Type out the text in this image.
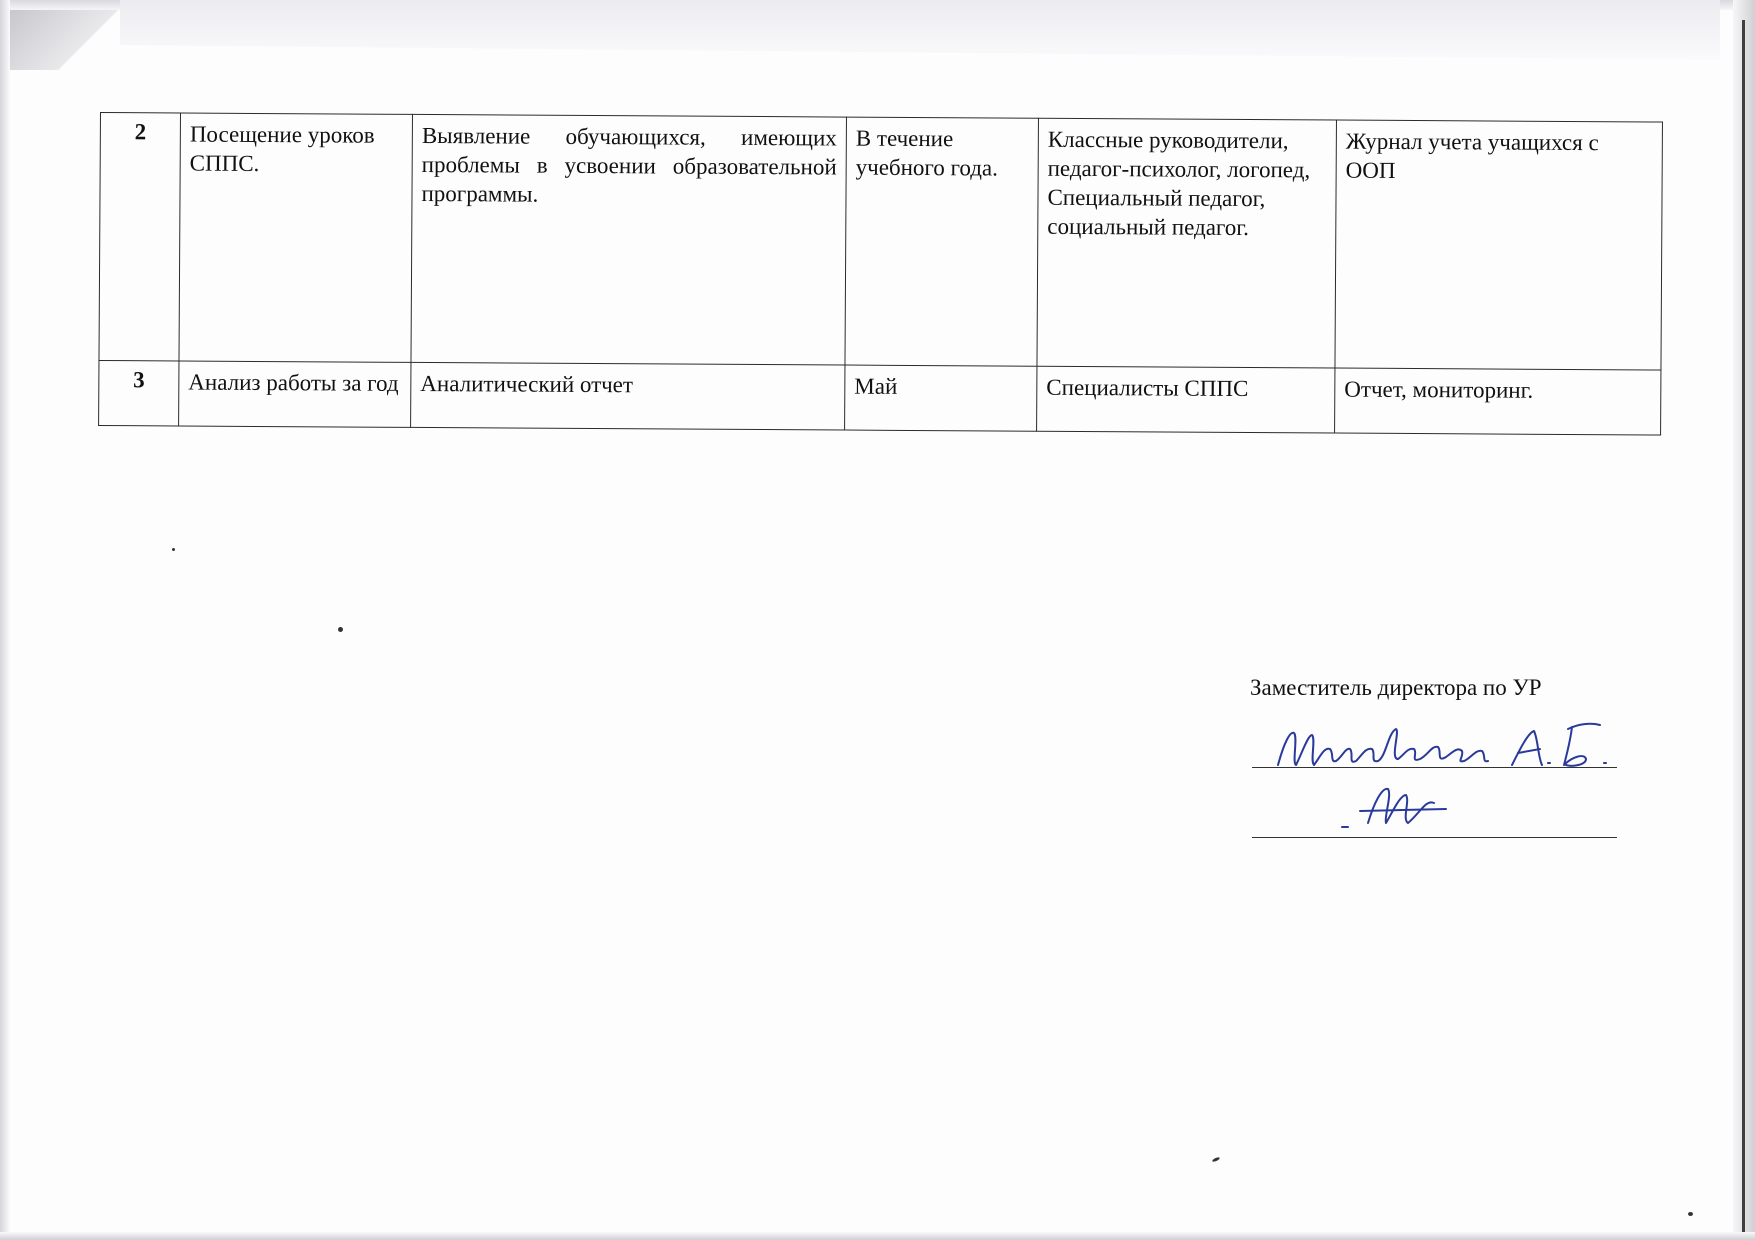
2	Посещение уроков СППС.	Выявление обучающихся, имеющих проблемы в усвоении образовательной программы.	В течение учебного года.	Классные руководители, педагог-психолог, логопед, Специальный педагог, социальный педагог.	Журнал учета учащихся с ООП
3	Анализ работы за год	Аналитический отчет	Май	Специалисты СППС	Отчет, мониторинг.
Заместитель директора по УР
